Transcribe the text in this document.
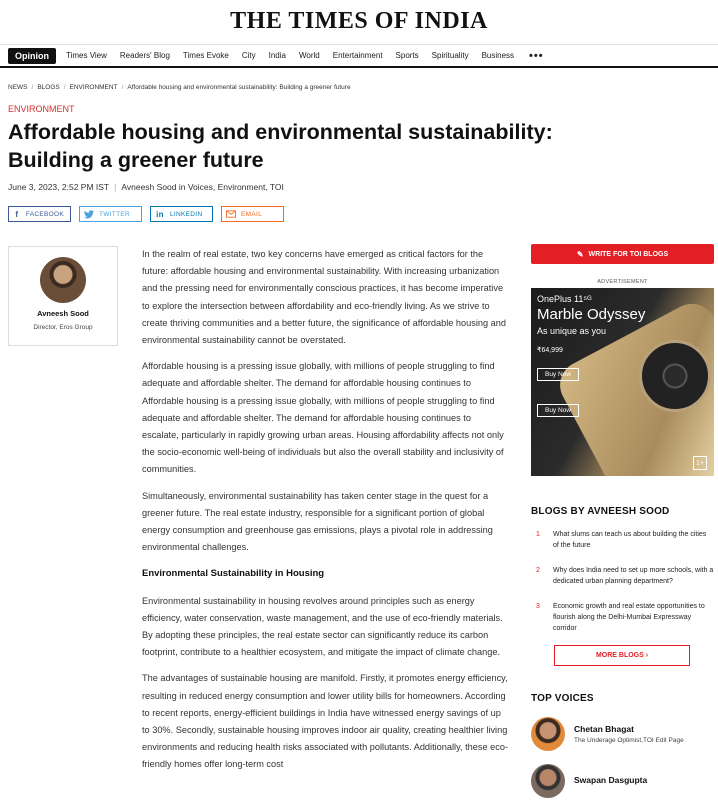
THE TIMES OF INDIA
Opinion	Times View Readers' Blog Times Evoke City India World Entertainment Sports Spirituality Business •••
NEWS / BLOGS / ENVIRONMENT / Affordable housing and environmental sustainability: Building a greener future
ENVIRONMENT
Affordable housing and environmental sustainability: Building a greener future
June 3, 2023, 2:52 PM IST | Avneesh Sood in Voices, Environment, TOI
f	FACEBOOK	TWITTER	in LINKEDIN	EMAIL
Avneesh Sood
Director, Eros Group

In the realm of real estate, two key concerns have emerged as critical factors for the future: affordable housing and environmental sustainability. With increasing urbanization and the pressing need for environmentally conscious practices, it has become imperative to explore the intersection between affordability and eco-friendly living. As we strive to create thriving communities and a better future, the significance of affordable housing and environmental sustainability cannot be overstated.

Affordable housing is a pressing issue globally, with millions of people struggling to find adequate and affordable shelter. The demand for affordable housing continues to Affordable housing is a pressing issue globally, with millions of people struggling to find adequate and affordable shelter. The demand for affordable housing continues to escalate, particularly in rapidly growing urban areas. Housing affordability affects not only the socio-economic well-being of individuals but also the overall stability and inclusivity of communities.

Simultaneously, environmental sustainability has taken center stage in the quest for a greener future. The real estate industry, responsible for a significant portion of global energy consumption and greenhouse gas emissions, plays a pivotal role in addressing environmental challenges.

Environmental Sustainability in Housing

Environmental sustainability in housing revolves around principles such as energy efficiency, water conservation, waste management, and the use of eco-friendly materials. By adopting these principles, the real estate sector can significantly reduce its carbon footprint, contribute to a healthier ecosystem, and mitigate the impact of climate change.

The advantages of sustainable housing are manifold. Firstly, it promotes energy efficiency, resulting in reduced energy consumption and lower utility bills for homeowners. According to recent reports, energy-efficient buildings in India have witnessed energy savings of up to 30%. Secondly, sustainable housing improves indoor air quality, creating healthier living environments and reducing health risks associated with pollutants. Additionally, these eco-friendly homes offer long-term cost

✎ WRITE FOR TOI BLOGS
ADVERTISEMENT
OnePlus 11⁵ᴳ
Marble Odyssey
As unique as you
₹64,999
Buy Now
Buy Now
1+
BLOGS BY AVNEESH SOOD
1	What slums can teach us about building the cities of the future
2	Why does India need to set up more schools, with a dedicated urban planning department?
3	Economic growth and real estate opportunities to flourish along the Delhi-Mumbai Expressway corridor
MORE BLOGS ›
TOP VOICES
Chetan Bhagat
The Underage Optimist,TOI Edit Page
Swapan Dasgupta
